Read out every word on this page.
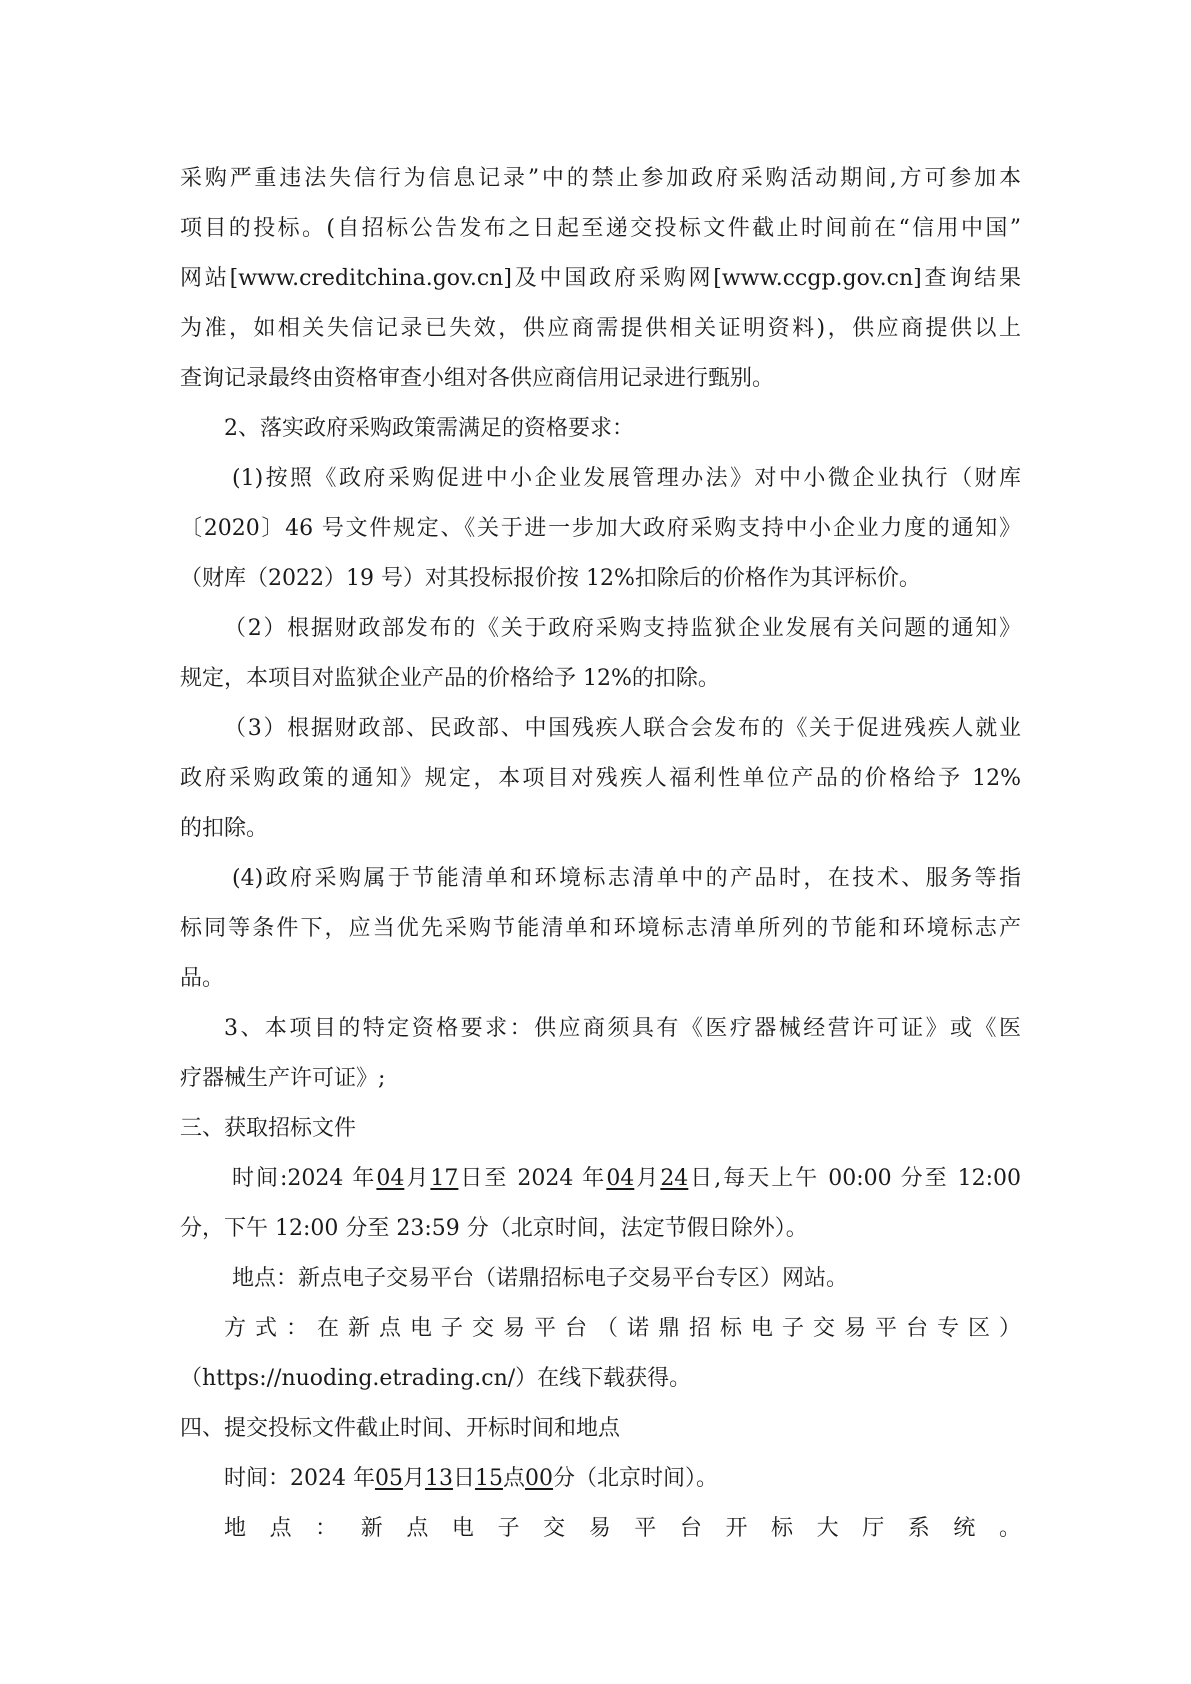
采购严重违法失信行为信息记录”中的禁止参加政府采购活动期间,方可参加本
项目的投标。(自招标公告发布之日起至递交投标文件截止时间前在“信用中国”
网站[www.creditchina.gov.cn]及中国政府采购网[www.ccgp.gov.cn]查询结果
为准，如相关失信记录已失效，供应商需提供相关证明资料)，供应商提供以上
查询记录最终由资格审查小组对各供应商信用记录进行甄别。
2、落实政府采购政策需满足的资格要求：
(1)按照《政府采购促进中小企业发展管理办法》对中小微企业执行（财库
〔2020〕46 号文件规定、《关于进一步加大政府采购支持中小企业力度的通知》
（财库（2022）19 号）对其投标报价按 12%扣除后的价格作为其评标价。
（2）根据财政部发布的《关于政府采购支持监狱企业发展有关问题的通知》
规定，本项目对监狱企业产品的价格给予 12%的扣除。
（3）根据财政部、民政部、中国残疾人联合会发布的《关于促进残疾人就业
政府采购政策的通知》规定，本项目对残疾人福利性单位产品的价格给予 12%
的扣除。
(4)政府采购属于节能清单和环境标志清单中的产品时，在技术、服务等指
标同等条件下，应当优先采购节能清单和环境标志清单所列的节能和环境标志产
品。
3、本项目的特定资格要求：供应商须具有《医疗器械经营许可证》或《医
疗器械生产许可证》;
三、获取招标文件
时间:2024 年04月17日至 2024 年04月24日,每天上午 00:00 分至 12:00
分，下午 12:00 分至 23:59 分（北京时间，法定节假日除外）。
地点：新点电子交易平台（诺鼎招标电子交易平台专区）网站。
方式：在新点电子交易平台（诺鼎招标电子交易平台专区）
（https://nuoding.etrading.cn/）在线下载获得。
四、提交投标文件截止时间、开标时间和地点
时间：2024 年05月13日15点00分（北京时间）。
地点：新点电子交易平台开标大厅系统。
